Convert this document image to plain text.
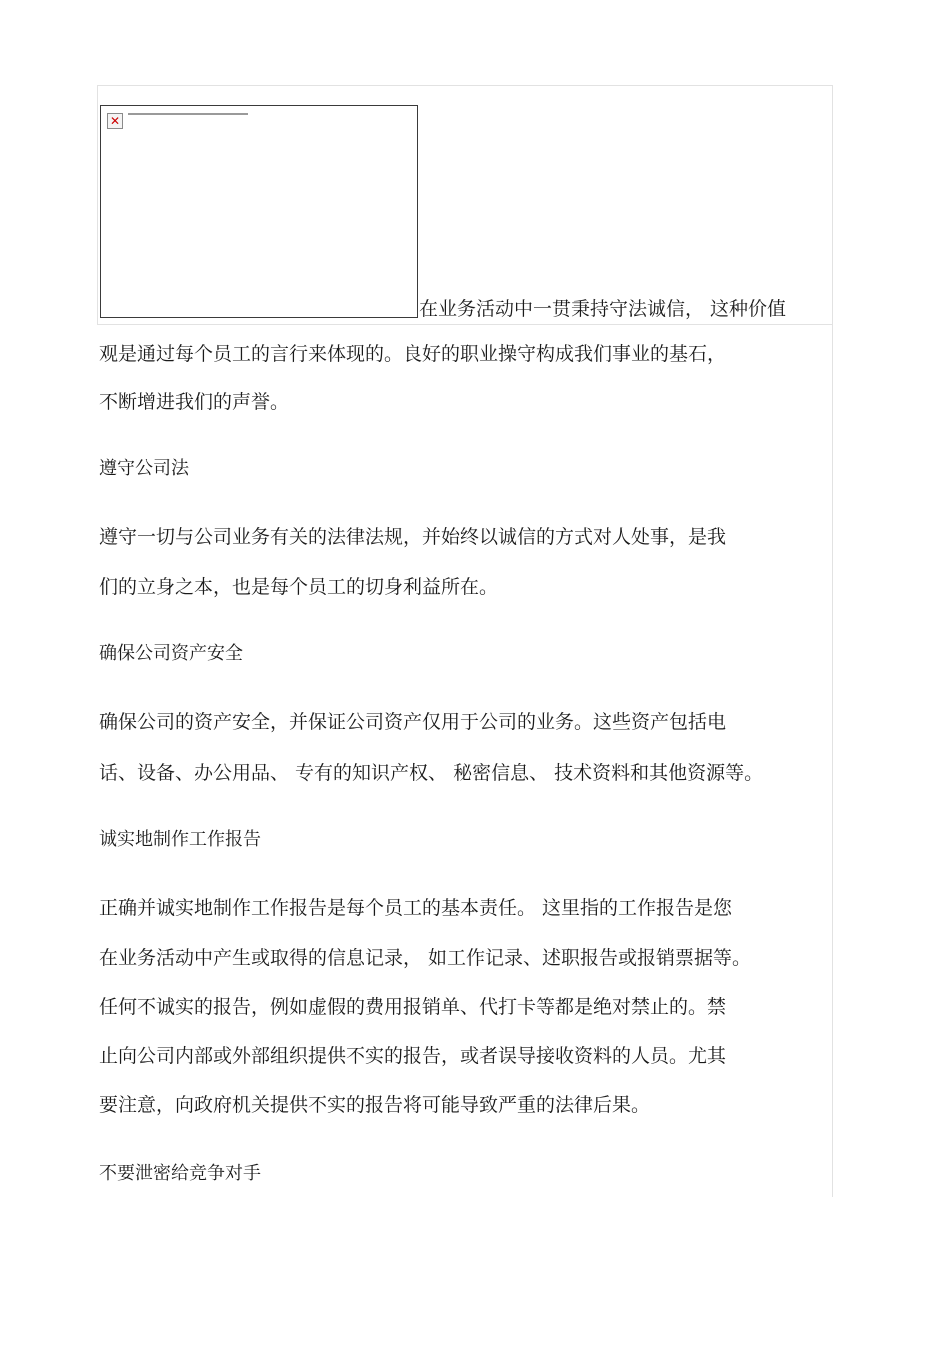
✕

在业务活动中一贯秉持守法诚信， 这种价值

观是通过每个员工的言行来体现的。良好的职业操守构成我们事业的基石，

不断增进我们的声誉。

遵守公司法

遵守一切与公司业务有关的法律法规，并始终以诚信的方式对人处事，是我

们的立身之本，也是每个员工的切身利益所在。

确保公司资产安全

确保公司的资产安全，并保证公司资产仅用于公司的业务。这些资产包括电

话、设备、办公用品、 专有的知识产权、 秘密信息、 技术资料和其他资源等。

诚实地制作工作报告

正确并诚实地制作工作报告是每个员工的基本责任。 这里指的工作报告是您

在业务活动中产生或取得的信息记录， 如工作记录、述职报告或报销票据等。

任何不诚实的报告，例如虚假的费用报销单、代打卡等都是绝对禁止的。禁

止向公司内部或外部组织提供不实的报告，或者误导接收资料的人员。尤其

要注意，向政府机关提供不实的报告将可能导致严重的法律后果。

不要泄密给竞争对手
